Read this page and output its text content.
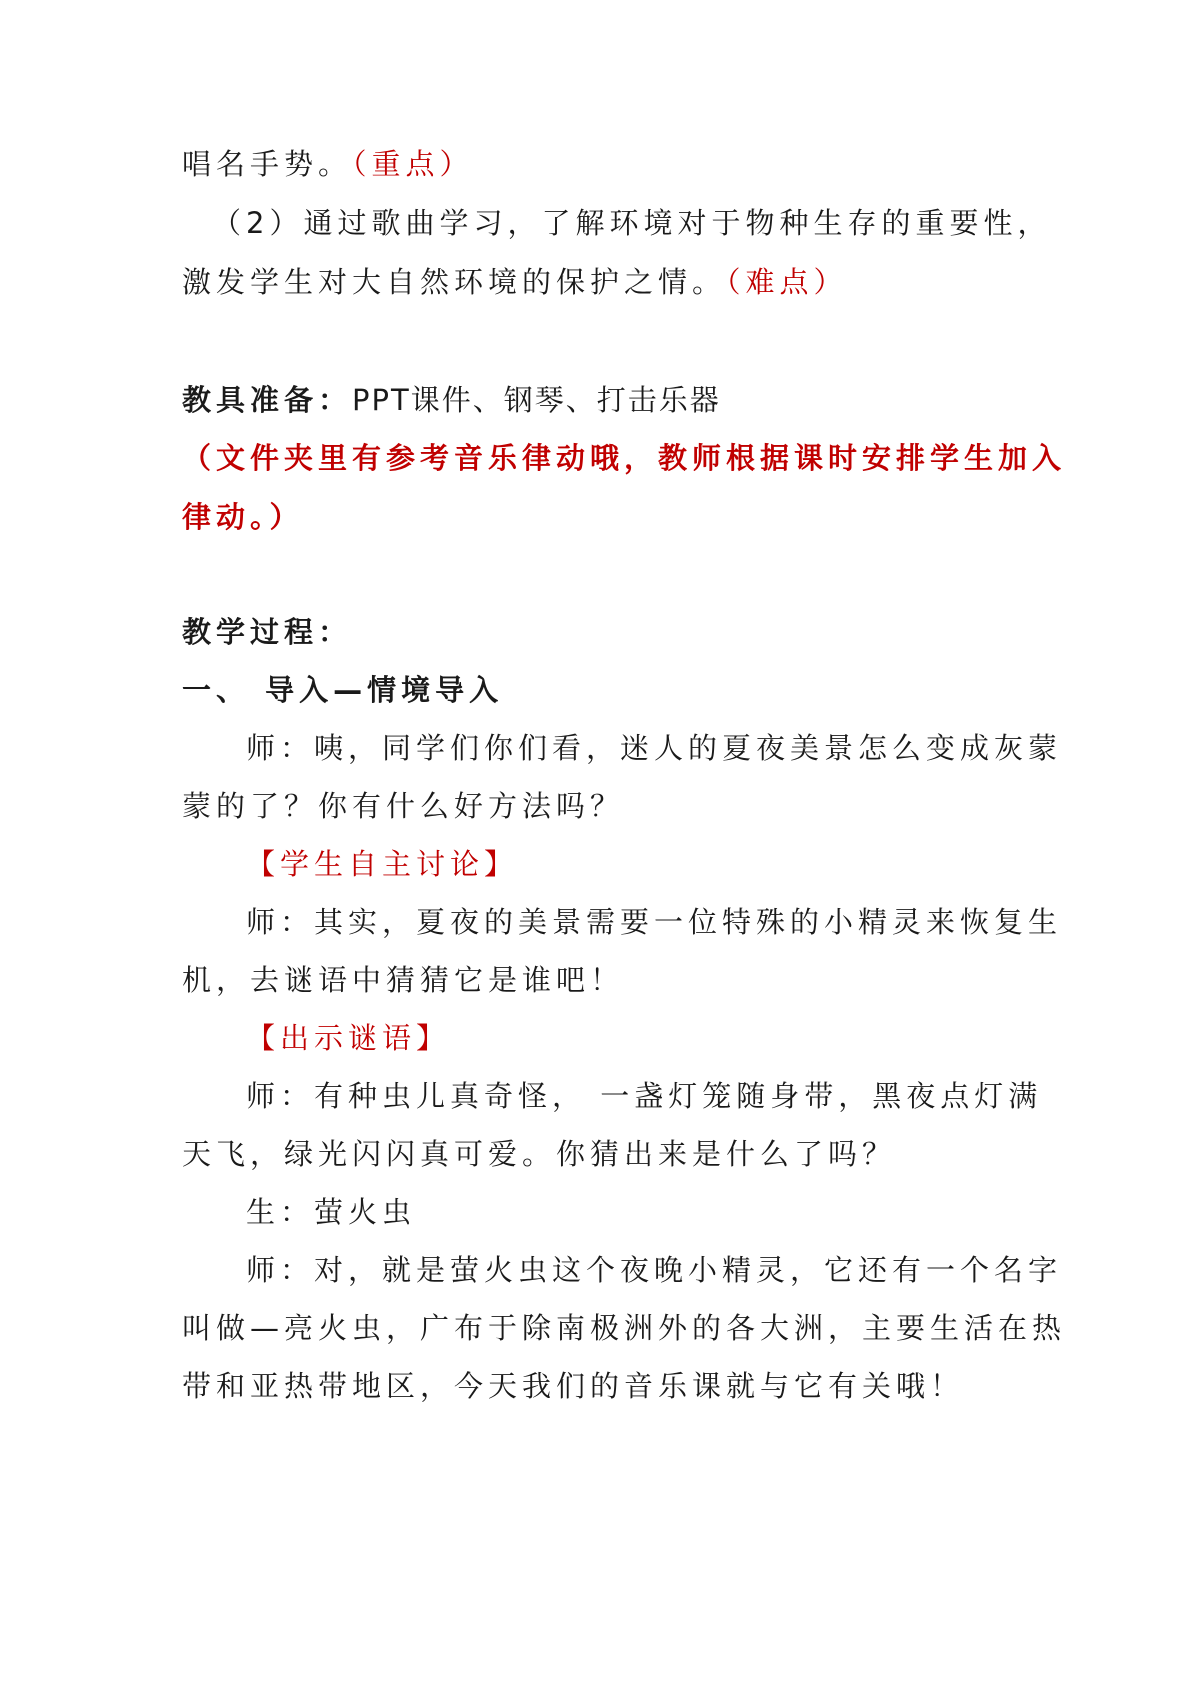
唱名手势。（重点）
（2）通过歌曲学习，了解环境对于物种生存的重要性，
激发学生对大自然环境的保护之情。（难点）
教具准备：PPT课件、钢琴、打击乐器
（文件夹里有参考音乐律动哦，教师根据课时安排学生加入
律动。）
教学过程：
一、 导入—情境导入
师：咦，同学们你们看，迷人的夏夜美景怎么变成灰蒙
蒙的了？你有什么好方法吗？
【学生自主讨论】
师：其实，夏夜的美景需要一位特殊的小精灵来恢复生
机，去谜语中猜猜它是谁吧！
【出示谜语】
师：有种虫儿真奇怪， 一盏灯笼随身带，黑夜点灯满
天飞，绿光闪闪真可爱。你猜出来是什么了吗？
生：萤火虫
师：对，就是萤火虫这个夜晚小精灵，它还有一个名字
叫做—亮火虫，广布于除南极洲外的各大洲，主要生活在热
带和亚热带地区，今天我们的音乐课就与它有关哦！
